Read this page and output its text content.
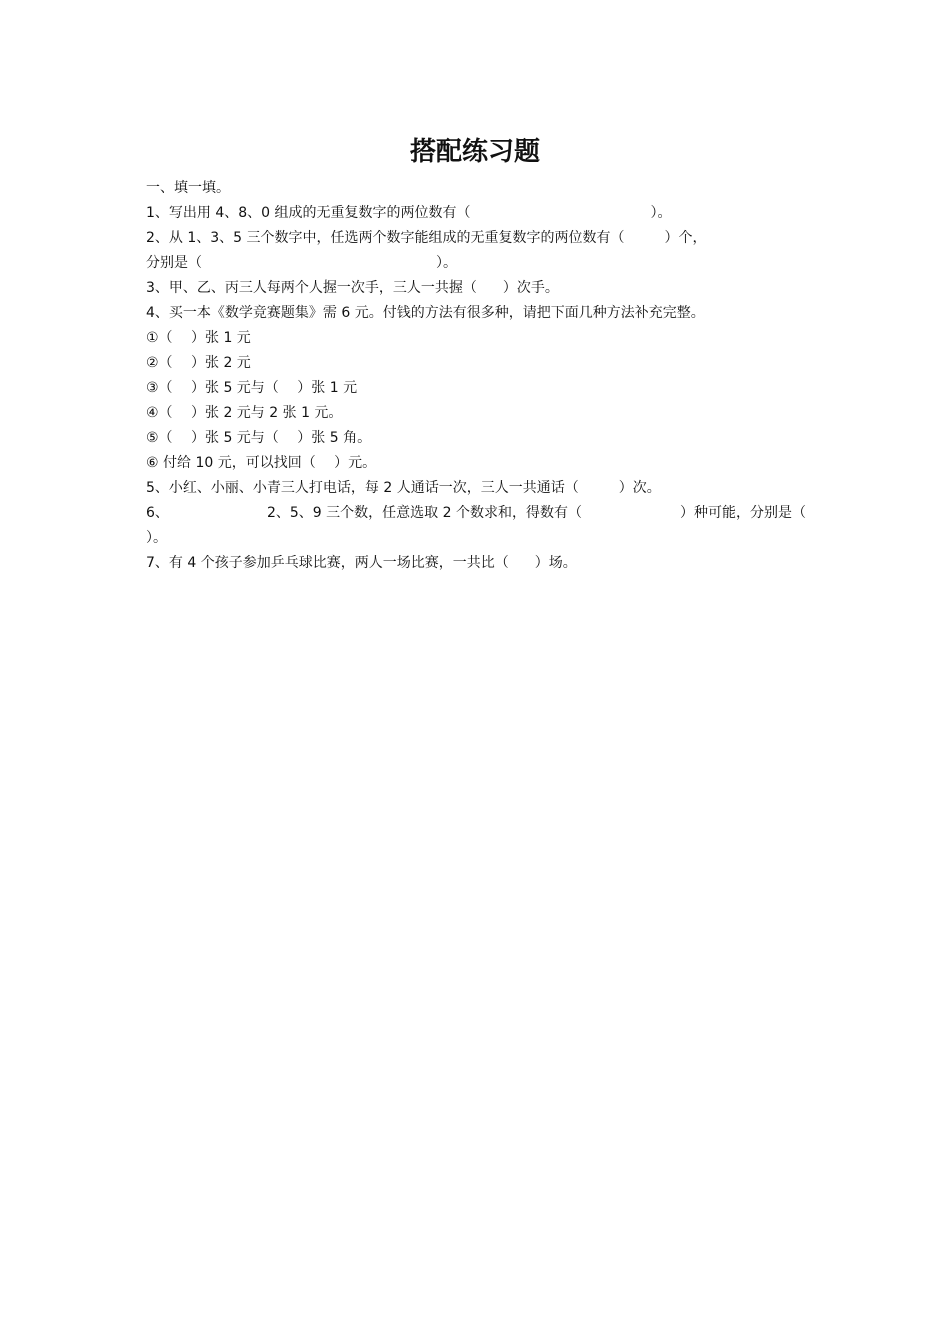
搭配练习题
一、填一填。
1、写出用 4、8、0 组成的无重复数字的两位数有（	）。
2、从 1、3、5 三个数字中，任选两个数字能组成的无重复数字的两位数有（	）个，
分别是（	）。
3、甲、乙、丙三人每两个人握一次手，三人一共握（ ）次手。
4、买一本《数学竞赛题集》需 6 元。付钱的方法有很多种，请把下面几种方法补充完整。
①（　 ）张 1 元
②（　 ）张 2 元
③（　 ）张 5 元与（　 ）张 1 元
④（　 ）张 2 元与 2 张 1 元。
⑤（　 ）张 5 元与（　 ）张 5 角。
⑥ 付给 10 元，可以找回（　 ）元。
5、小红、小丽、小青三人打电话，每 2 人通话一次，三人一共通话（	）次。
6、	2、5、9 三个数，任意选取 2 个数求和，得数有（	）种可能，分别是（
）。
7、有 4 个孩子参加乒乓球比赛，两人一场比赛，一共比（ ）场。
